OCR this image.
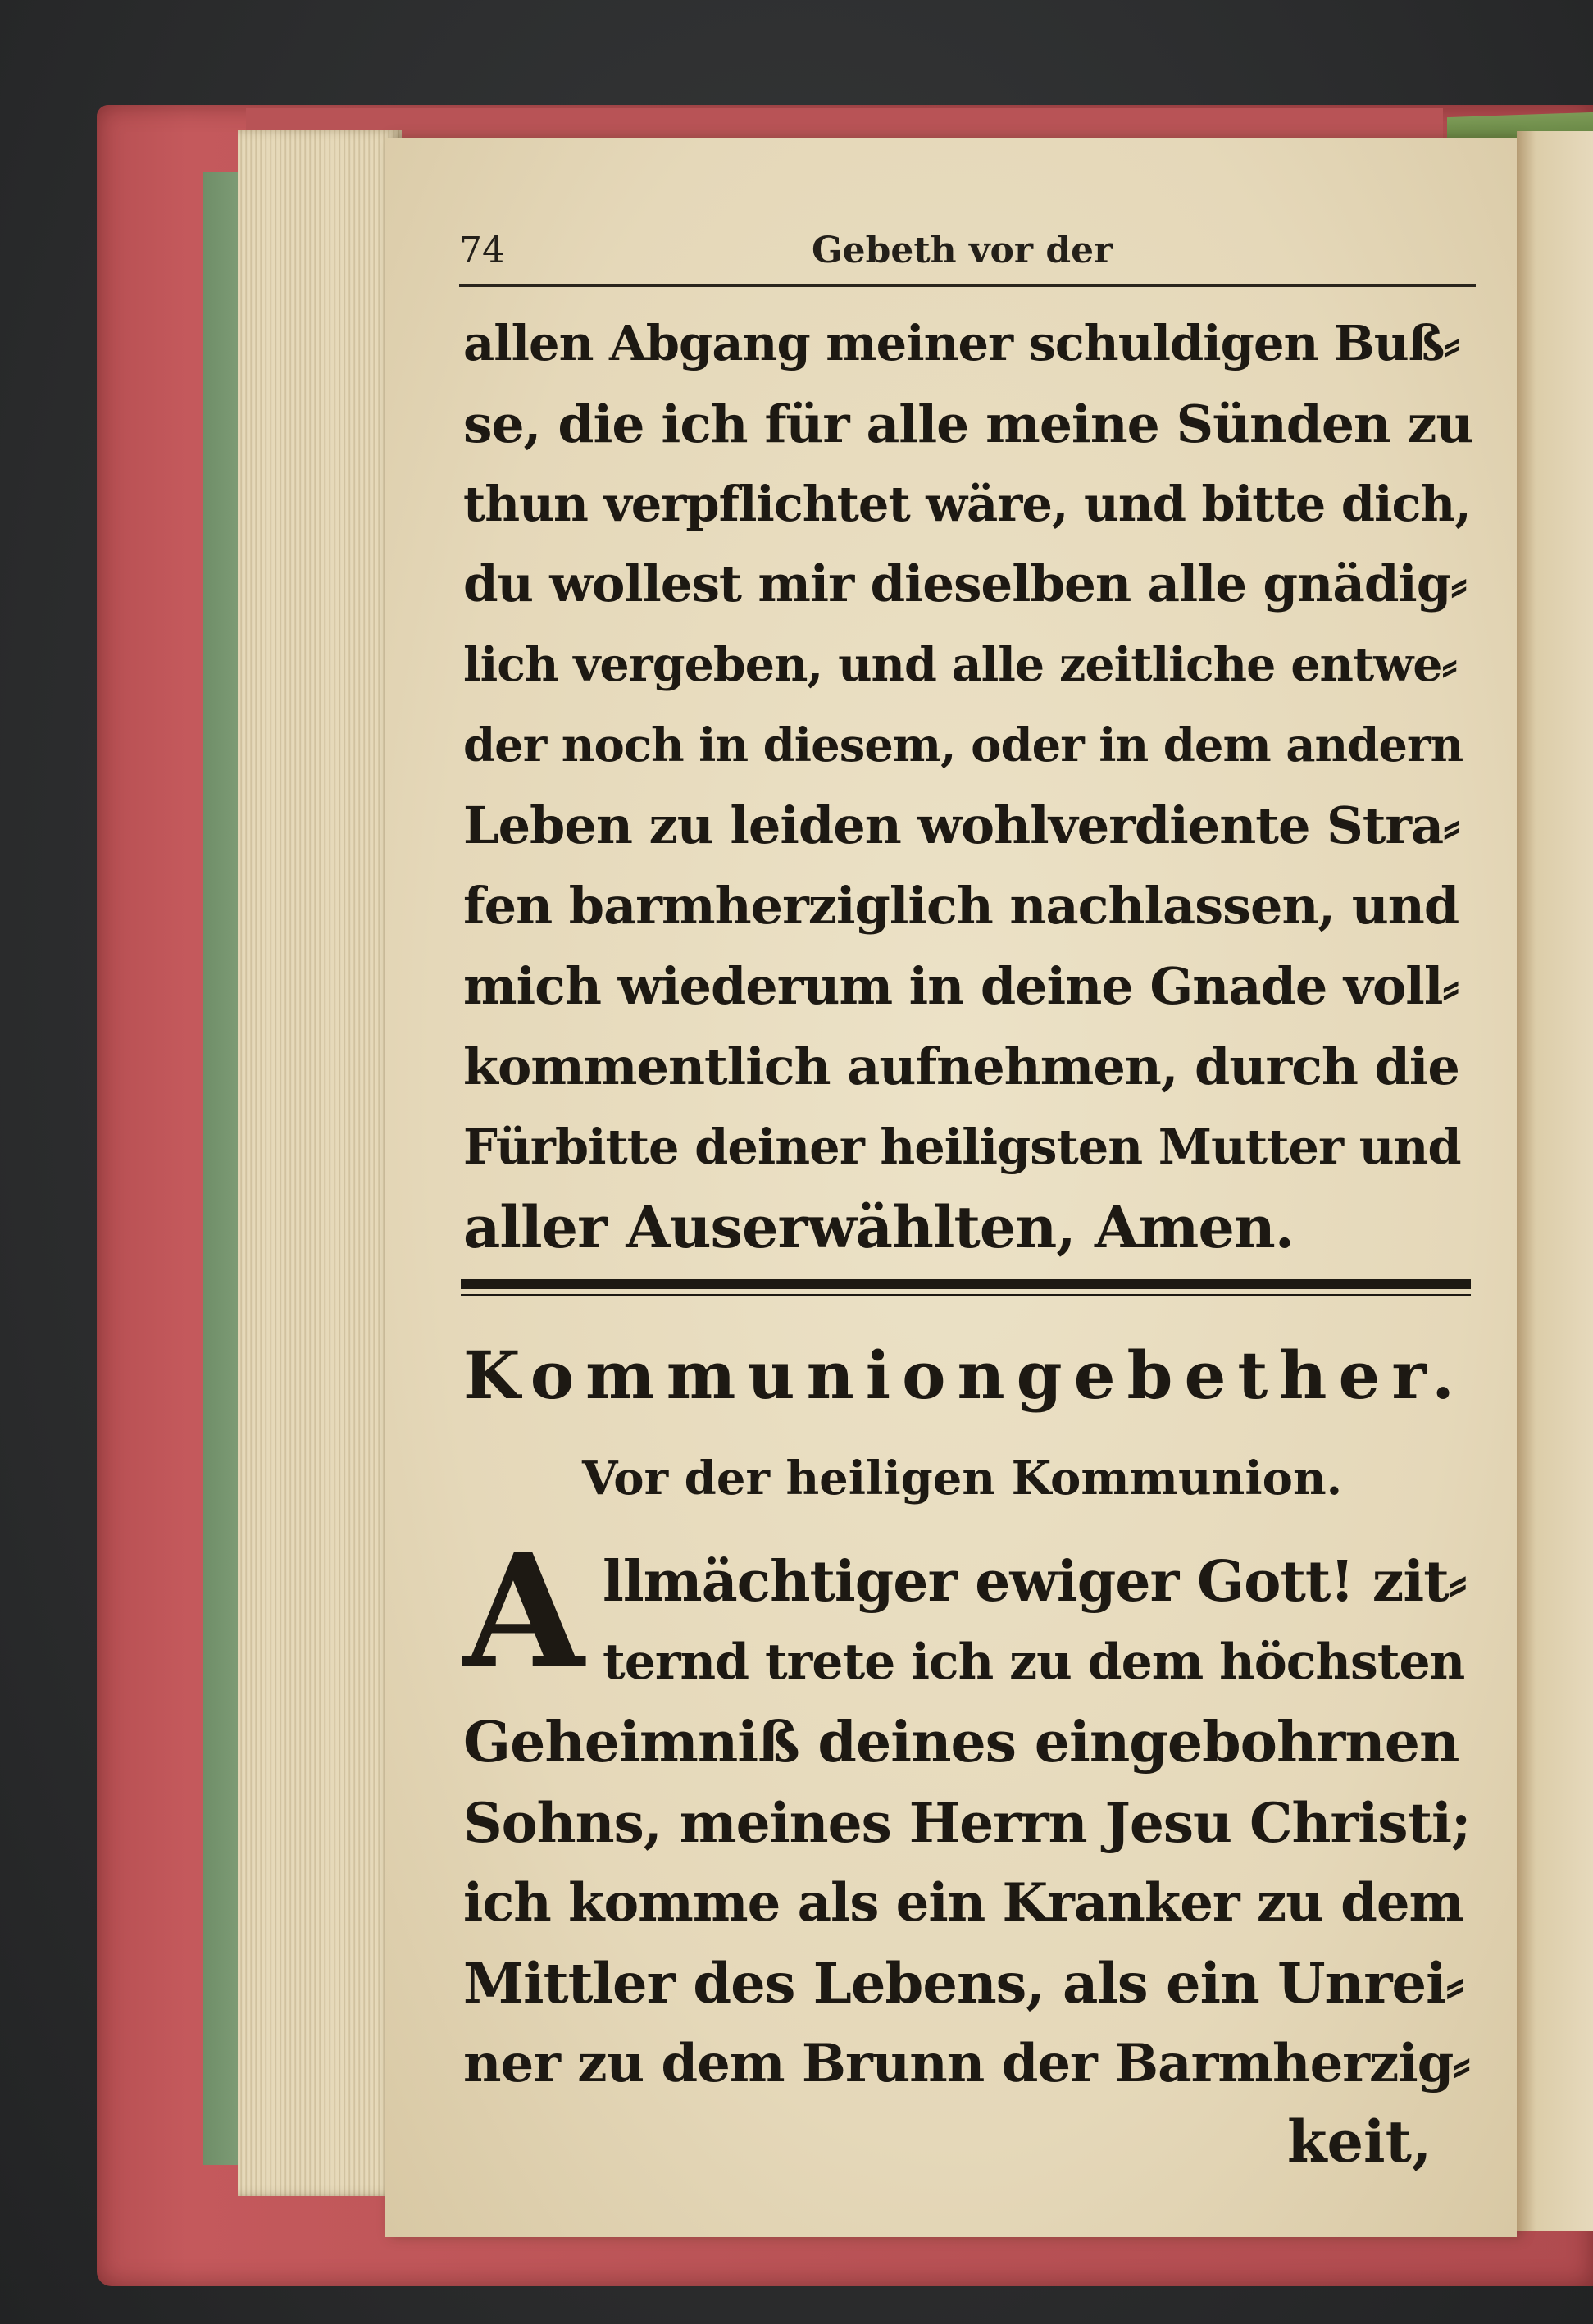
74	Gebeth vor der
allen Abgang meiner schuldigen Buß⸗
se, die ich für alle meine Sünden zu
thun verpflichtet wäre, und bitte dich,
du wollest mir dieselben alle gnädig⸗
lich vergeben, und alle zeitliche entwe⸗
der noch in diesem, oder in dem andern
Leben zu leiden wohlverdiente Stra⸗
fen barmherziglich nachlassen, und
mich wiederum in deine Gnade voll⸗
kommentlich aufnehmen, durch die
Fürbitte deiner heiligsten Mutter und
aller Auserwählten, Amen.
Kommuniongebether.
Vor der heiligen Kommunion.
A llmächtiger ewiger Gott! zit⸗
ternd trete ich zu dem höchsten
Geheimniß deines eingebohrnen
Sohns, meines Herrn Jesu Christi;
ich komme als ein Kranker zu dem
Mittler des Lebens, als ein Unrei⸗
ner zu dem Brunn der Barmherzig⸗
keit,
